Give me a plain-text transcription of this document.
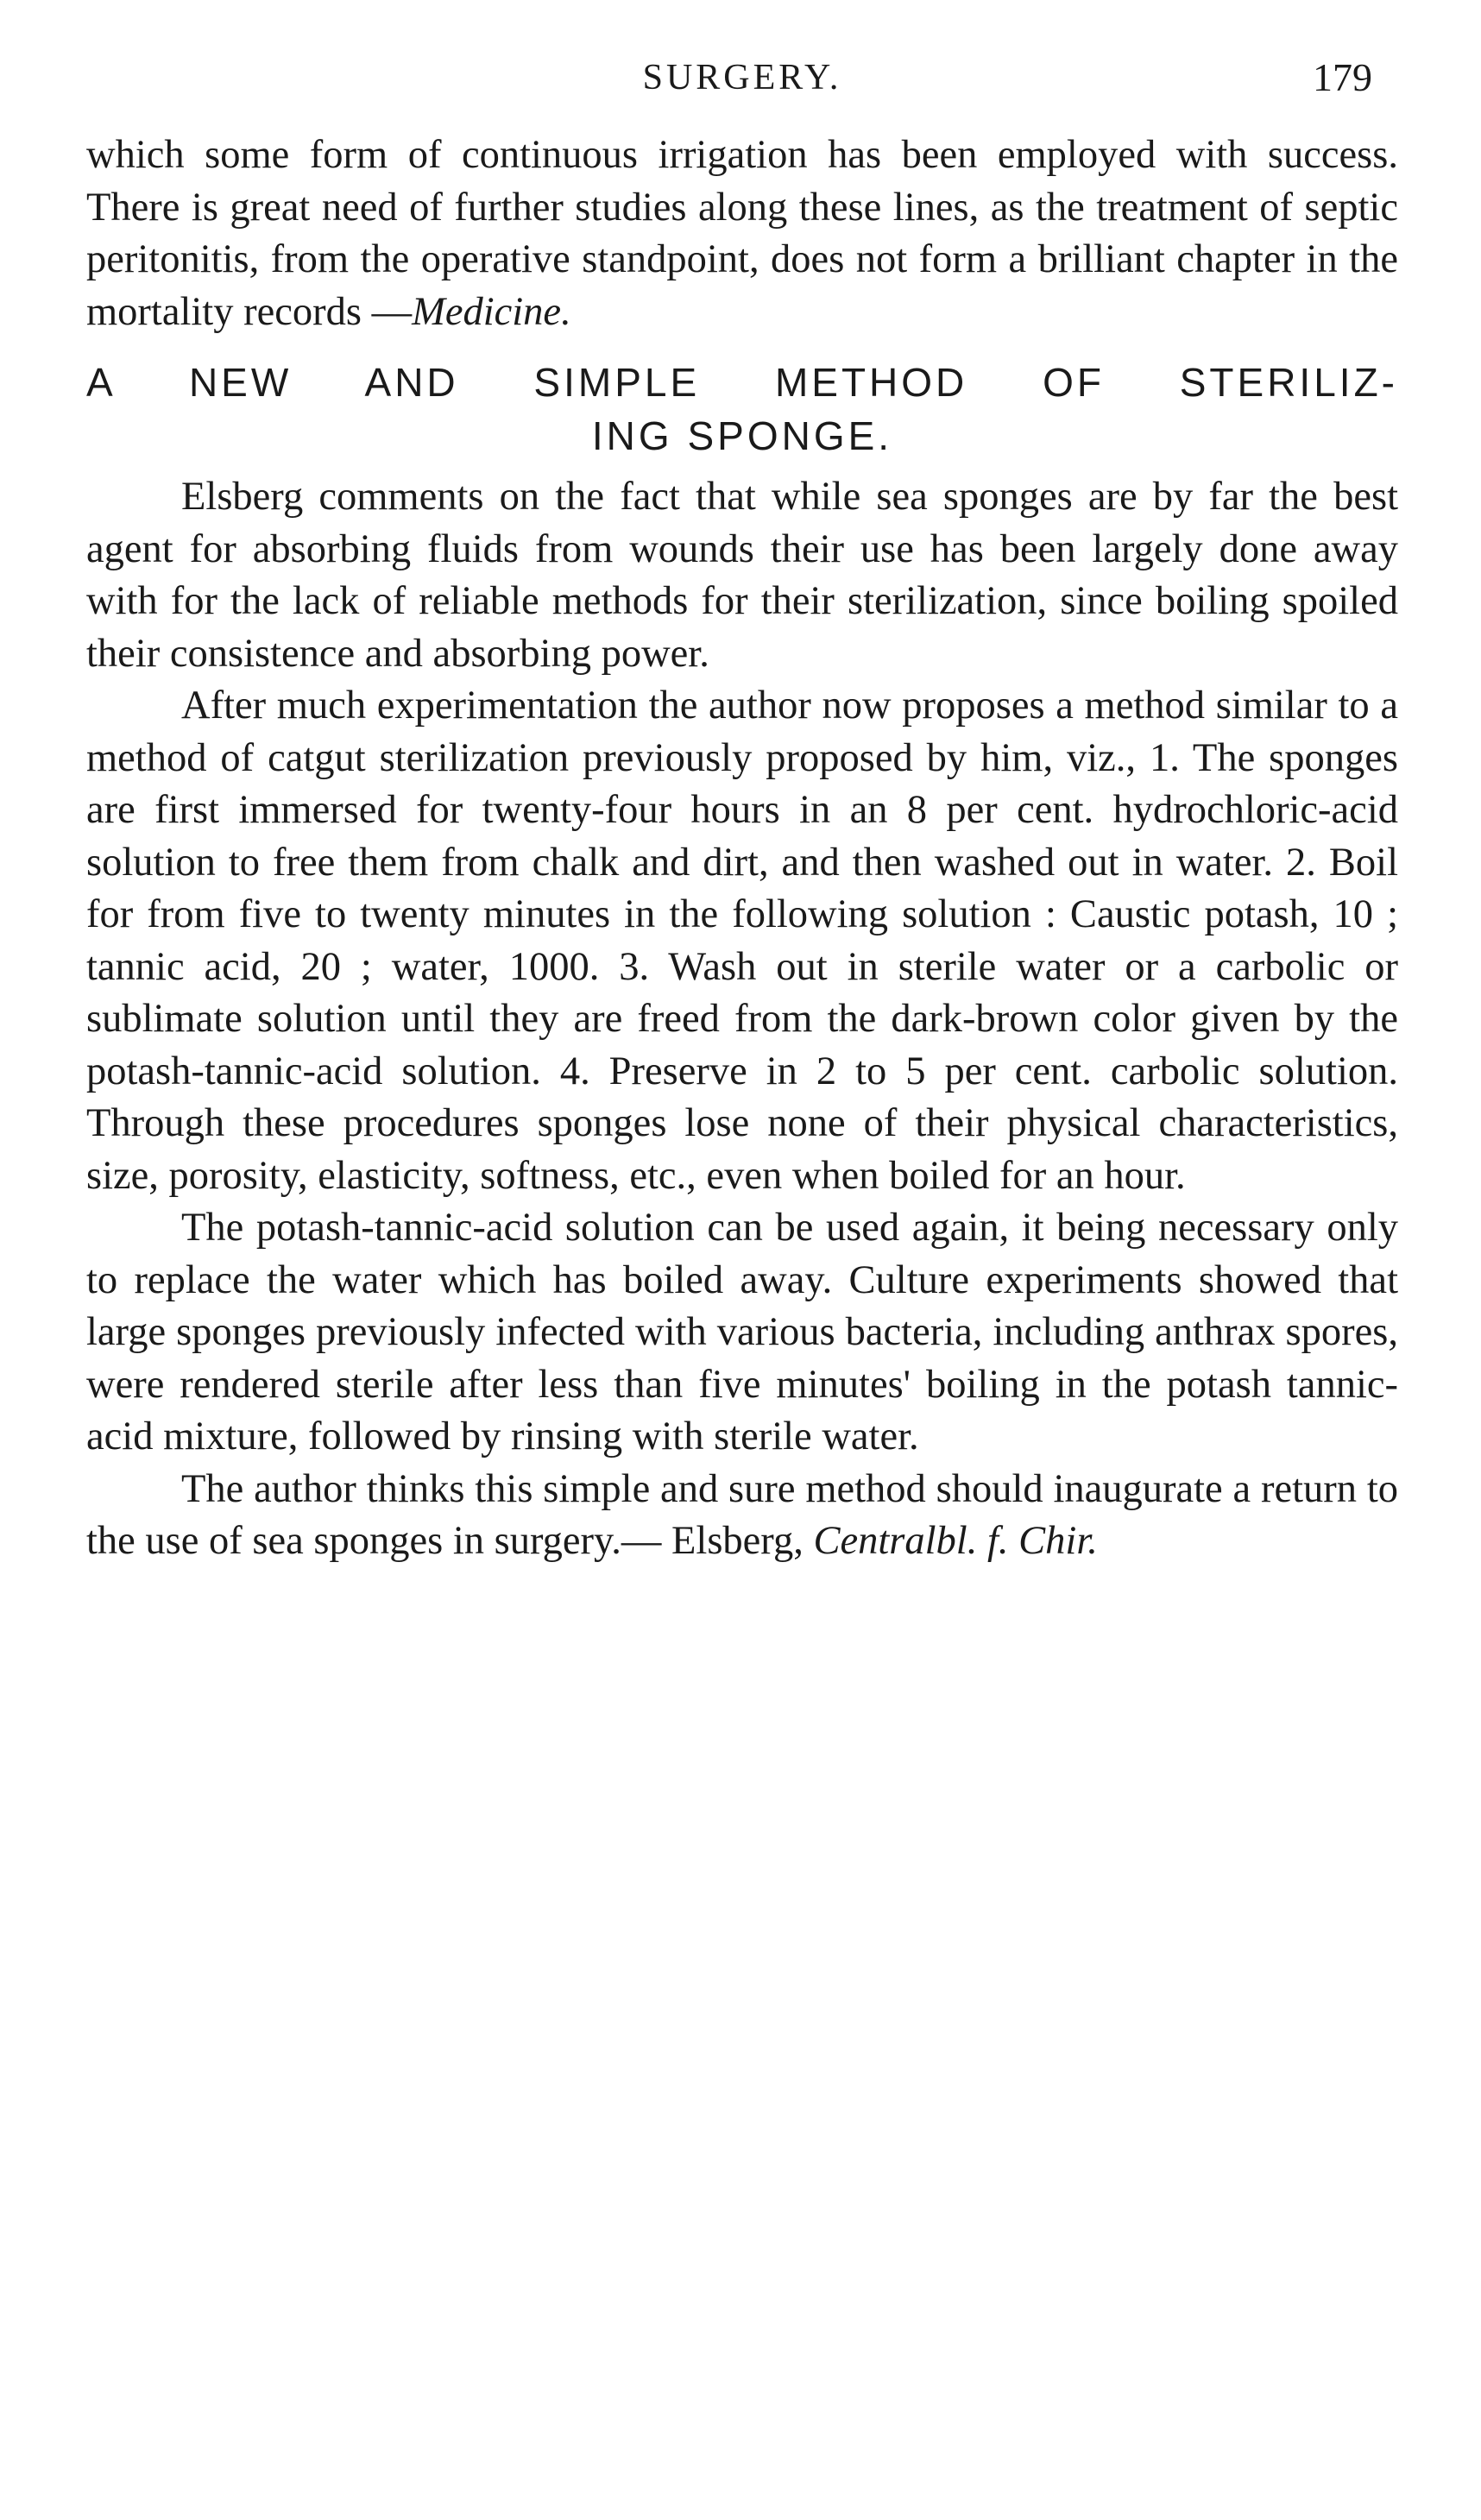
SURGERY.	179

which some form of continuous irrigation has been employed with success. There is great need of further studies along these lines, as the treatment of septic peritonitis, from the operative standpoint, does not form a brilliant chapter in the mortality records —Medicine.

A NEW AND SIMPLE METHOD OF STERILIZ-
ING SPONGE.

Elsberg comments on the fact that while sea sponges are by far the best agent for absorbing fluids from wounds their use has been largely done away with for the lack of reliable methods for their sterilization, since boiling spoiled their consistence and absorbing power.

After much experimentation the author now proposes a method similar to a method of catgut sterilization previously proposed by him, viz., 1. The sponges are first immersed for twenty-four hours in an 8 per cent. hydrochloric-acid solution to free them from chalk and dirt, and then washed out in water. 2. Boil for from five to twenty minutes in the following solution : Caustic potash, 10 ; tannic acid, 20 ; water, 1000. 3. Wash out in sterile water or a carbolic or sublimate solution until they are freed from the dark-brown color given by the potash-tannic-acid solution. 4. Preserve in 2 to 5 per cent. carbolic solution. Through these procedures sponges lose none of their physical characteristics, size, porosity, elasticity, softness, etc., even when boiled for an hour.

The potash-tannic-acid solution can be used again, it being necessary only to replace the water which has boiled away. Culture experiments showed that large sponges previously infected with various bacteria, including anthrax spores, were rendered sterile after less than five minutes' boiling in the potash tannic-acid mixture, followed by rinsing with sterile water.

The author thinks this simple and sure method should inaugurate a return to the use of sea sponges in surgery.— Elsberg, Centralbl. f. Chir.
